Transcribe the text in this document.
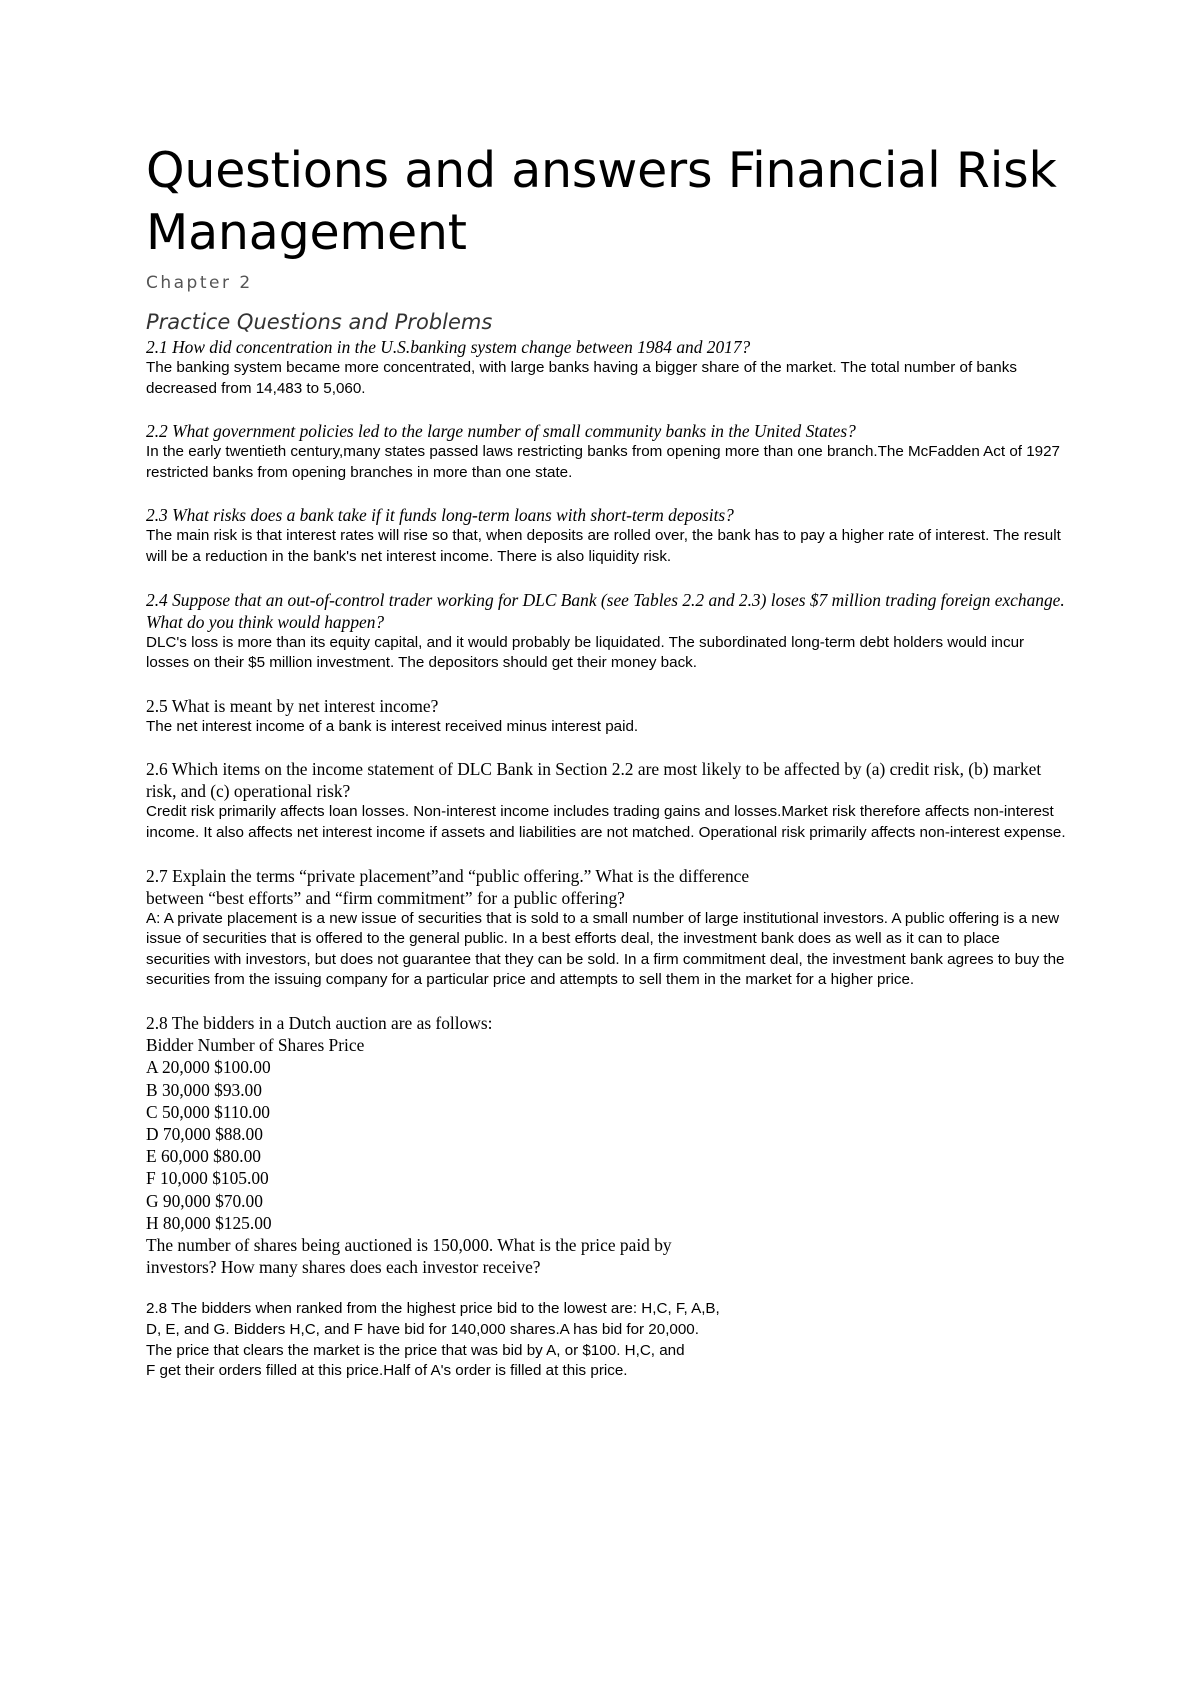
Questions and answers Financial Risk Management
Chapter 2
Practice Questions and Problems

2.1 How did concentration in the U.S.banking system change between 1984 and 2017?

The banking system became more concentrated, with large banks having a bigger share of the market. The total number of banks decreased from 14,483 to 5,060.

2.2 What government policies led to the large number of small community banks in the United States?

In the early twentieth century,many states passed laws restricting banks from opening more than one branch.The McFadden Act of 1927 restricted banks from opening branches in more than one state.

2.3 What risks does a bank take if it funds long-term loans with short-term deposits?

The main risk is that interest rates will rise so that, when deposits are rolled over, the bank has to pay a higher rate of interest. The result will be a reduction in the bank's net interest income. There is also liquidity risk.

2.4 Suppose that an out-of-control trader working for DLC Bank (see Tables 2.2 and 2.3) loses $7 million trading foreign exchange. What do you think would happen?

DLC's loss is more than its equity capital, and it would probably be liquidated. The subordinated long-term debt holders would incur losses on their $5 million investment. The depositors should get their money back.

2.5 What is meant by net interest income?

The net interest income of a bank is interest received minus interest paid.

2.6 Which items on the income statement of DLC Bank in Section 2.2 are most likely to be affected by (a) credit risk, (b) market risk, and (c) operational risk?

Credit risk primarily affects loan losses. Non-interest income includes trading gains and losses.Market risk therefore affects non-interest income. It also affects net interest income if assets and liabilities are not matched. Operational risk primarily affects non-interest expense.

2.7 Explain the terms “private placement”and “public offering.” What is the difference

between “best efforts” and “firm commitment” for a public offering?

A: A private placement is a new issue of securities that is sold to a small number of large institutional investors. A public offering is a new issue of securities that is offered to the general public. In a best efforts deal, the investment bank does as well as it can to place securities with investors, but does not guarantee that they can be sold. In a firm commitment deal, the investment bank agrees to buy the securities from the issuing company for a particular price and attempts to sell them in the market for a higher price.

2.8 The bidders in a Dutch auction are as follows:
Bidder Number of Shares Price
A 20,000 $100.00
B 30,000 $93.00
C 50,000 $110.00
D 70,000 $88.00
E 60,000 $80.00
F 10,000 $105.00
G 90,000 $70.00
H 80,000 $125.00
The number of shares being auctioned is 150,000. What is the price paid by
investors? How many shares does each investor receive?
2.8 The bidders when ranked from the highest price bid to the lowest are: H,C, F, A,B,
D, E, and G. Bidders H,C, and F have bid for 140,000 shares.A has bid for 20,000.
The price that clears the market is the price that was bid by A, or $100. H,C, and
F get their orders filled at this price.Half of A's order is filled at this price.
